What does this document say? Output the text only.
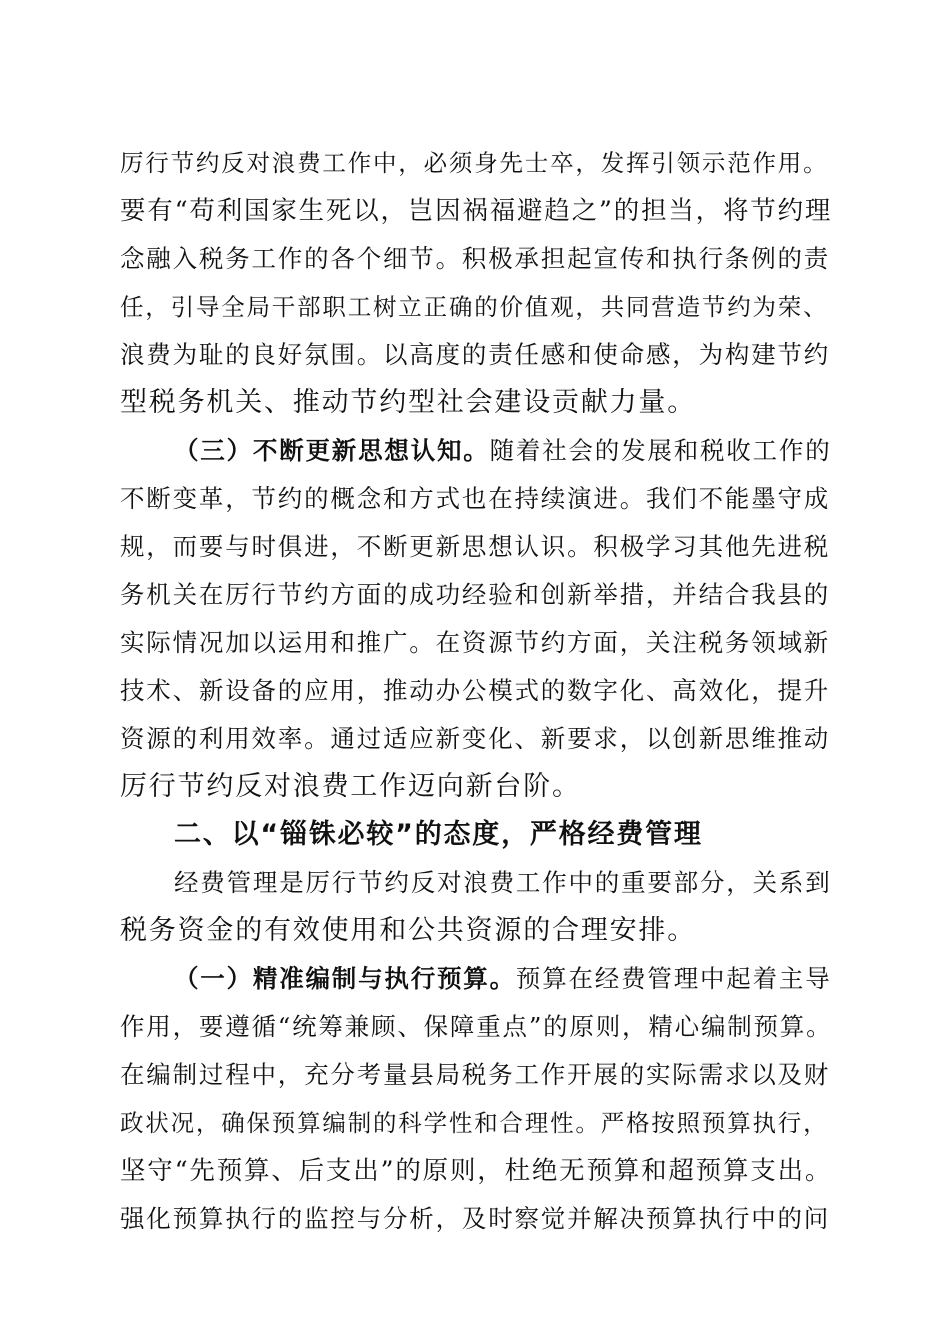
厉行节约反对浪费工作中，必须身先士卒，发挥引领示范作用。
要有“苟利国家生死以，岂因祸福避趋之”的担当，将节约理
念融入税务工作的各个细节。积极承担起宣传和执行条例的责
任，引导全局干部职工树立正确的价值观，共同营造节约为荣、
浪费为耻的良好氛围。以高度的责任感和使命感，为构建节约
型税务机关、推动节约型社会建设贡献力量。
（三）不断更新思想认知。随着社会的发展和税收工作的
不断变革，节约的概念和方式也在持续演进。我们不能墨守成
规，而要与时俱进，不断更新思想认识。积极学习其他先进税
务机关在厉行节约方面的成功经验和创新举措，并结合我县的
实际情况加以运用和推广。在资源节约方面，关注税务领域新
技术、新设备的应用，推动办公模式的数字化、高效化，提升
资源的利用效率。通过适应新变化、新要求，以创新思维推动
厉行节约反对浪费工作迈向新台阶。
二、以“锱铢必较”的态度，严格经费管理
经费管理是厉行节约反对浪费工作中的重要部分，关系到
税务资金的有效使用和公共资源的合理安排。
（一）精准编制与执行预算。预算在经费管理中起着主导
作用，要遵循“统筹兼顾、保障重点”的原则，精心编制预算。
在编制过程中，充分考量县局税务工作开展的实际需求以及财
政状况，确保预算编制的科学性和合理性。严格按照预算执行，
坚守“先预算、后支出”的原则，杜绝无预算和超预算支出。
强化预算执行的监控与分析，及时察觉并解决预算执行中的问
